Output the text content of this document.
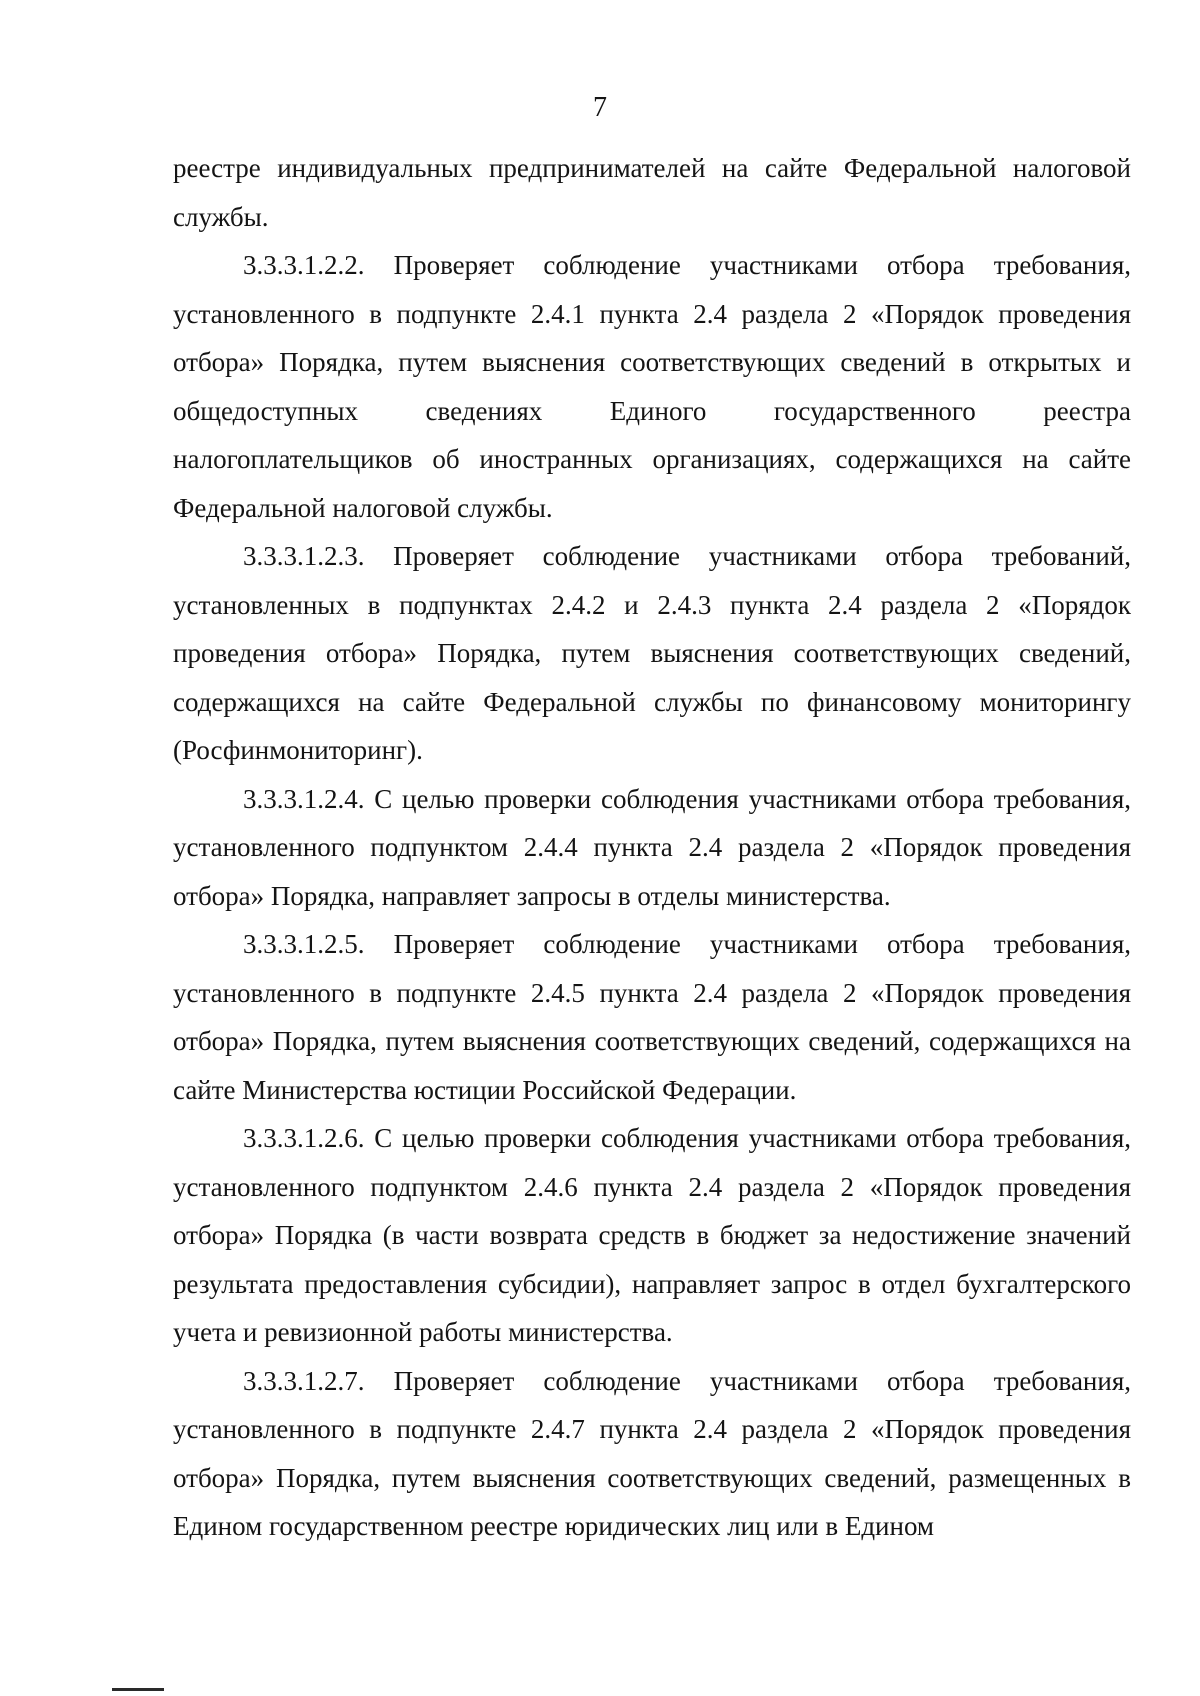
7

реестре индивидуальных предпринимателей на сайте Федеральной налоговой службы.

3.3.3.1.2.2. Проверяет соблюдение участниками отбора требования, установленного в подпункте 2.4.1 пункта 2.4 раздела 2 «Порядок проведения отбора» Порядка, путем выяснения соответствующих сведений в открытых и общедоступных сведениях Единого государственного реестра налогоплательщиков об иностранных организациях, содержащихся на сайте Федеральной налоговой службы.

3.3.3.1.2.3. Проверяет соблюдение участниками отбора требований, установленных в подпунктах 2.4.2 и 2.4.3 пункта 2.4 раздела 2 «Порядок проведения отбора» Порядка, путем выяснения соответствующих сведений, содержащихся на сайте Федеральной службы по финансовому мониторингу (Росфинмониторинг).

3.3.3.1.2.4. С целью проверки соблюдения участниками отбора требования, установленного подпунктом 2.4.4 пункта 2.4 раздела 2 «Порядок проведения отбора» Порядка, направляет запросы в отделы министерства.

3.3.3.1.2.5. Проверяет соблюдение участниками отбора требования, установленного в подпункте 2.4.5 пункта 2.4 раздела 2 «Порядок проведения отбора» Порядка, путем выяснения соответствующих сведений, содержащихся на сайте Министерства юстиции Российской Федерации.

3.3.3.1.2.6. С целью проверки соблюдения участниками отбора требования, установленного подпунктом 2.4.6 пункта 2.4 раздела 2 «Порядок проведения отбора» Порядка (в части возврата средств в бюджет за недостижение значений результата предоставления субсидии), направляет запрос в отдел бухгалтерского учета и ревизионной работы министерства.

3.3.3.1.2.7. Проверяет соблюдение участниками отбора требования, установленного в подпункте 2.4.7 пункта 2.4 раздела 2 «Порядок проведения отбора» Порядка, путем выяснения соответствующих сведений, размещенных в Едином государственном реестре юридических лиц или в Едином
